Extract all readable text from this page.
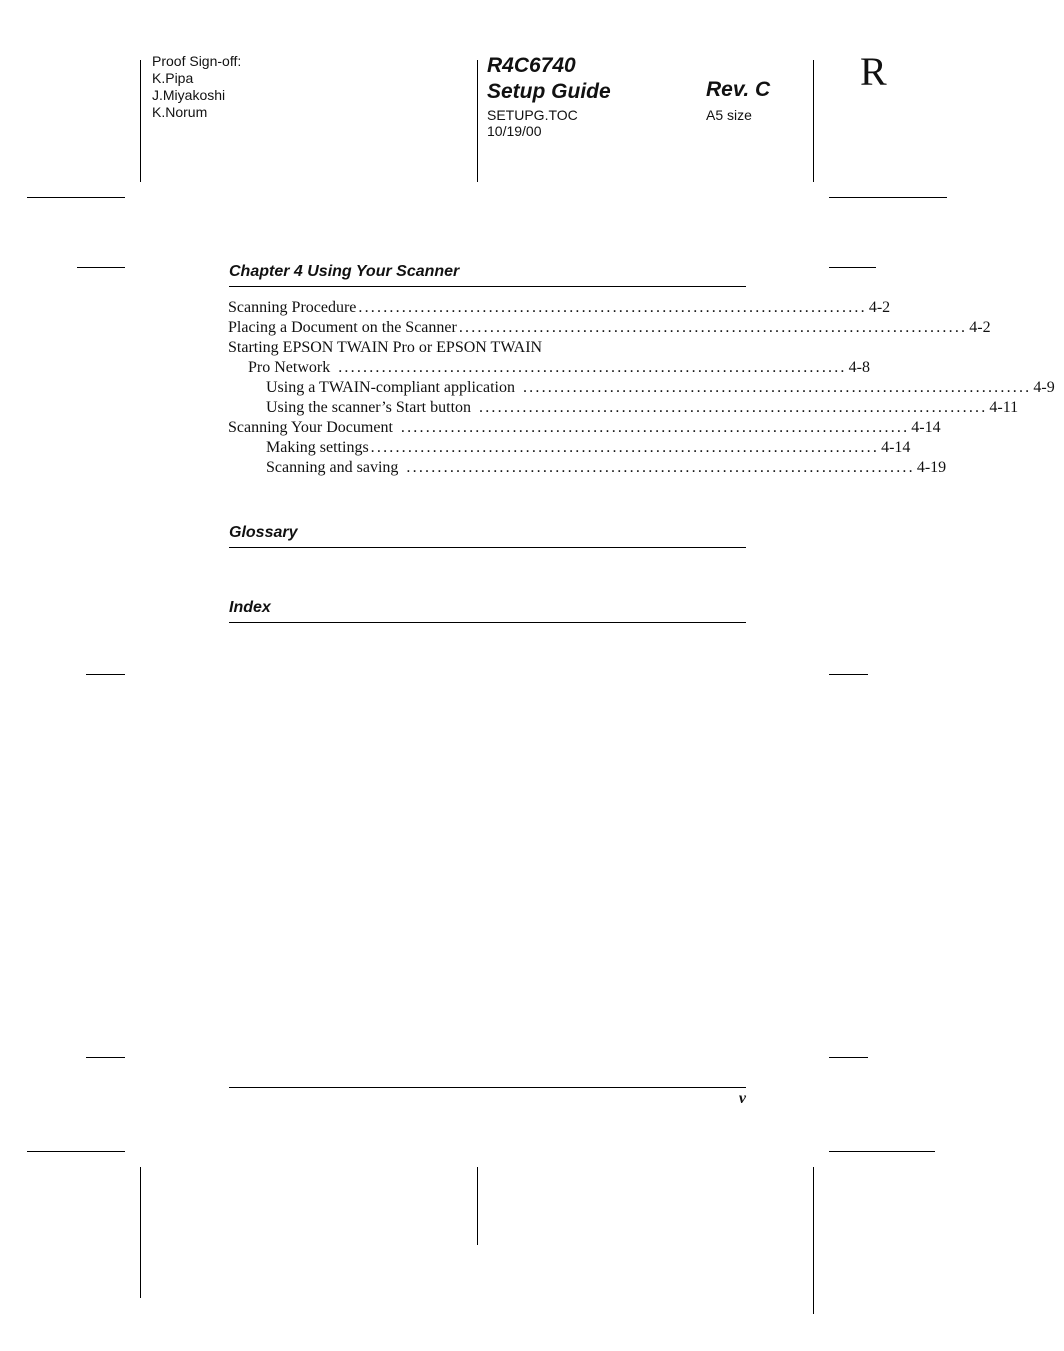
Proof Sign-off:
K.Pipa
J.Miyakoshi
K.Norum
R4C6740
Setup Guide	Rev. C
SETUPG.TOC
10/19/00
A5 size
R
Chapter 4 Using Your Scanner
Scanning Procedure .................................................................................. 4-2
Placing a Document on the Scanner .................................................................................. 4-2
Starting EPSON TWAIN Pro or EPSON TWAIN
Pro Network .................................................................................. 4-8
Using a TWAIN-compliant application .................................................................................. 4-9
Using the scanner’s Start button .................................................................................. 4-11
Scanning Your Document .................................................................................. 4-14
Making settings .................................................................................. 4-14
Scanning and saving .................................................................................. 4-19
Glossary
Index
v
